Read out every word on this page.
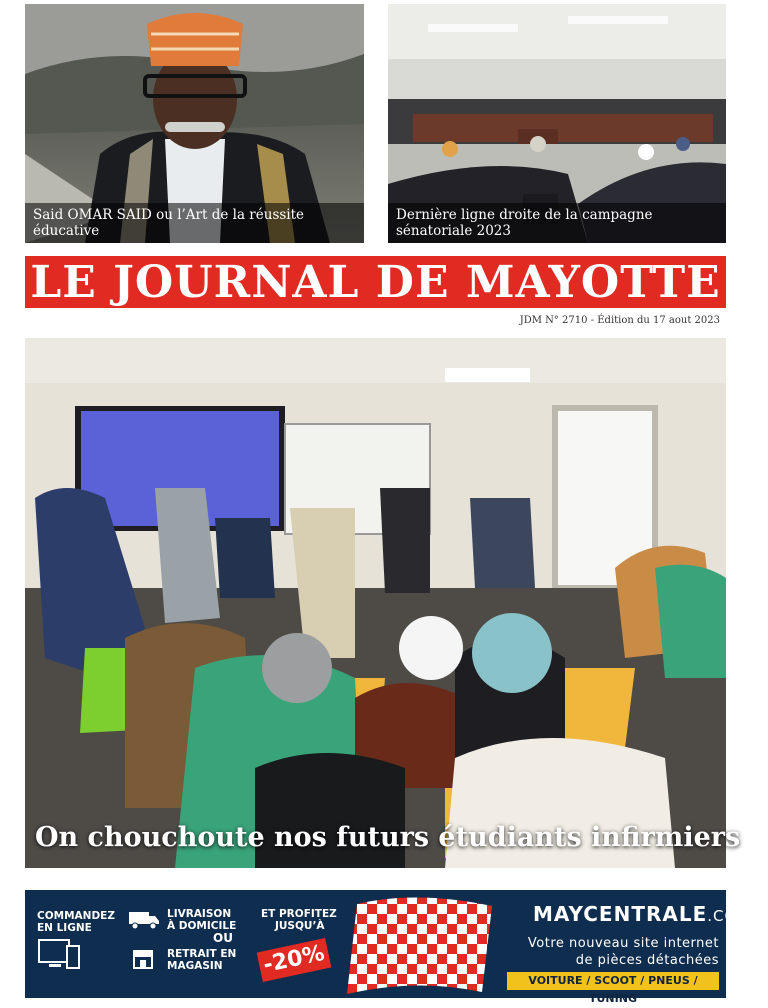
Said OMAR SAID ou l’Art de la réussite éducative
Dernière ligne droite de la campagne sénatoriale 2023
LE JOURNAL DE MAYOTTE
JDM N° 2710 - Édition du 17 aout 2023
On chouchoute nos futurs étudiants infirmiers
COMMANDEZ EN LIGNE
LIVRAISON
À DOMICILE
OU
RETRAIT EN
MAGASIN
ET PROFITEZ
JUSQU’À
-20%
MAYCENTRALE.COM
Votre nouveau site internet
de pièces détachées
VOITURE / SCOOT / PNEUS / TUNING
